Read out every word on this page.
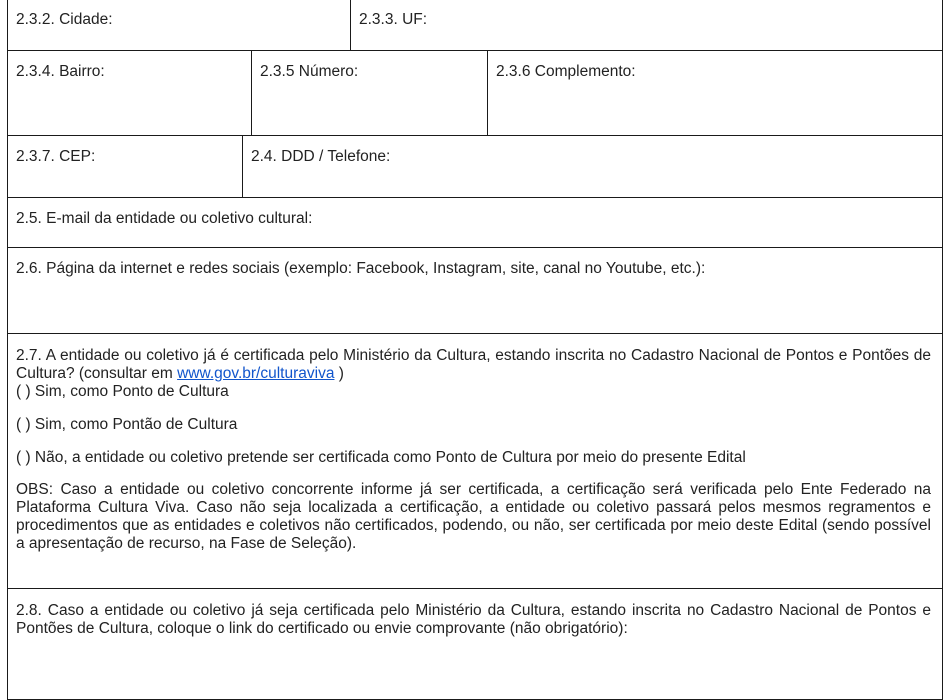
2.3.2. Cidade:	2.3.3. UF:
2.3.4. Bairro:	2.3.5 Número:	2.3.6 Complemento:
2.3.7. CEP:	2.4. DDD / Telefone:
2.5. E-mail da entidade ou coletivo cultural:
2.6. Página da internet e redes sociais (exemplo: Facebook, Instagram, site, canal no Youtube, etc.):

2.7. A entidade ou coletivo já é certificada pelo Ministério da Cultura, estando inscrita no Cadastro Nacional de Pontos e Pontões de Cultura? (consultar em www.gov.br/culturaviva )

( ) Sim, como Ponto de Cultura

( ) Sim, como Pontão de Cultura

( ) Não, a entidade ou coletivo pretende ser certificada como Ponto de Cultura por meio do presente Edital

OBS: Caso a entidade ou coletivo concorrente informe já ser certificada, a certificação será verificada pelo Ente Federado na Plataforma Cultura Viva. Caso não seja localizada a certificação, a entidade ou coletivo passará pelos mesmos regramentos e procedimentos que as entidades e coletivos não certificados, podendo, ou não, ser certificada por meio deste Edital (sendo possível a apresentação de recurso, na Fase de Seleção).

2.8. Caso a entidade ou coletivo já seja certificada pelo Ministério da Cultura, estando inscrita no Cadastro Nacional de Pontos e Pontões de Cultura, coloque o link do certificado ou envie comprovante (não obrigatório):
